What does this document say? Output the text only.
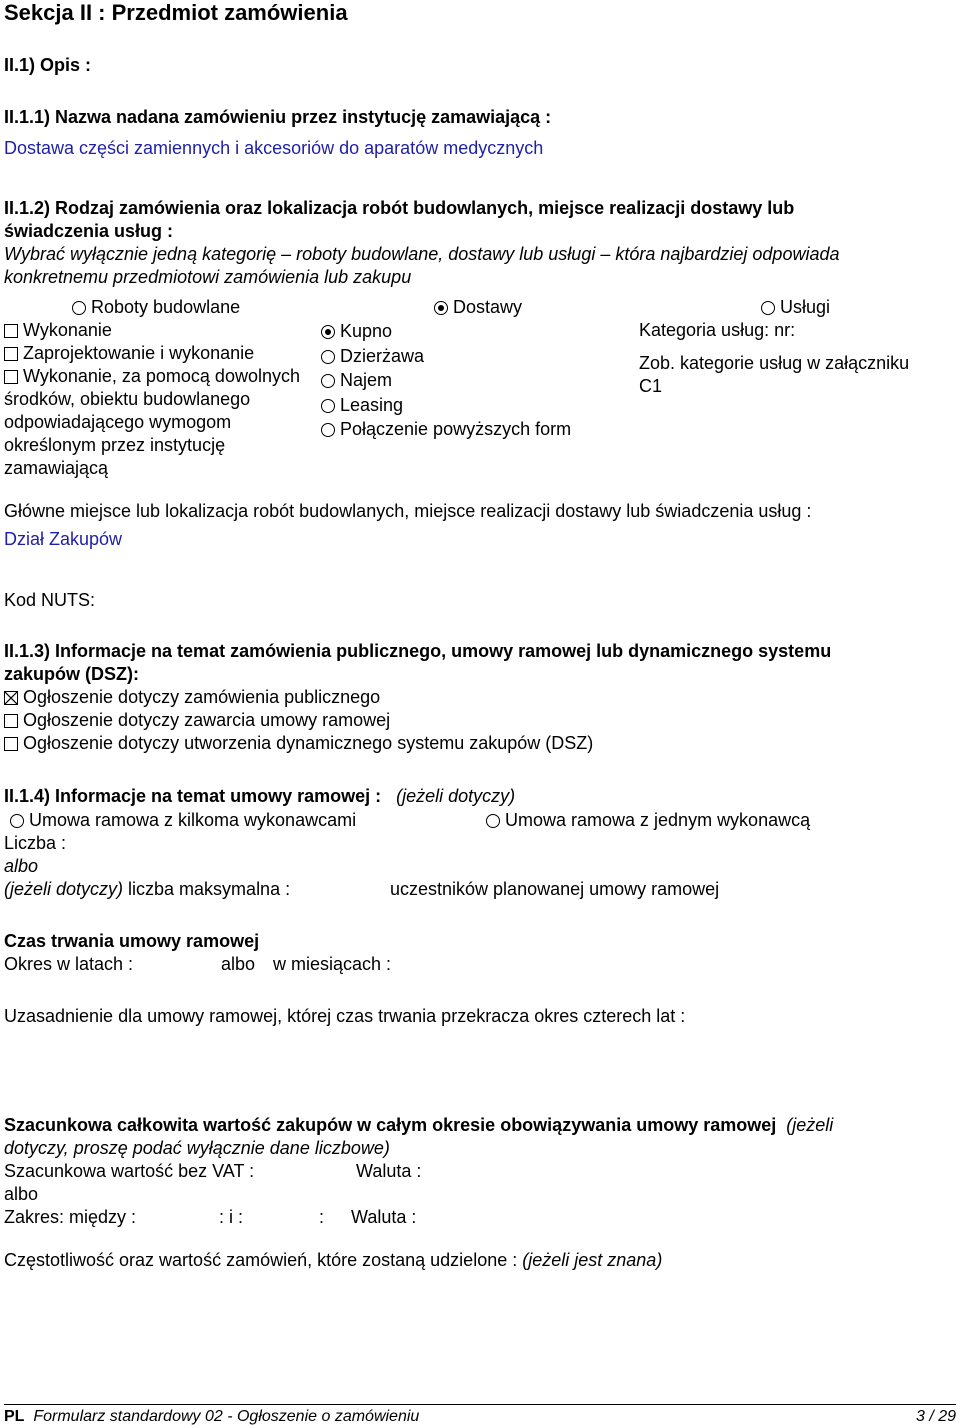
Sekcja II : Przedmiot zamówienia
II.1) Opis :
II.1.1) Nazwa nadana zamówieniu przez instytucję zamawiającą :
Dostawa części zamiennych i akcesoriów do aparatów medycznych
II.1.2) Rodzaj zamówienia oraz lokalizacja robót budowlanych, miejsce realizacji dostawy lub
świadczenia usług :
Wybrać wyłącznie jedną kategorię – roboty budowlane, dostawy lub usługi – która najbardziej odpowiada
konkretnemu przedmiotowi zamówienia lub zakupu
Roboty budowlane	Dostawy	Usługi
Wykonanie
Zaprojektowanie i wykonanie
Wykonanie, za pomocą dowolnych
środków, obiektu budowlanego
odpowiadającego wymogom
określonym przez instytucję
zamawiającą
Kupno
Dzierżawa
Najem
Leasing
Połączenie powyższych form
Kategoria usług: nr:
Zob. kategorie usług w załączniku
C1
Główne miejsce lub lokalizacja robót budowlanych, miejsce realizacji dostawy lub świadczenia usług :
Dział Zakupów
Kod NUTS:
II.1.3) Informacje na temat zamówienia publicznego, umowy ramowej lub dynamicznego systemu
zakupów (DSZ):
Ogłoszenie dotyczy zamówienia publicznego
Ogłoszenie dotyczy zawarcia umowy ramowej
Ogłoszenie dotyczy utworzenia dynamicznego systemu zakupów (DSZ)
II.1.4) Informacje na temat umowy ramowej : (jeżeli dotyczy)
Umowa ramowa z kilkoma wykonawcami	Umowa ramowa z jednym wykonawcą
Liczba :
albo
(jeżeli dotyczy) liczba maksymalna :	uczestników planowanej umowy ramowej
Czas trwania umowy ramowej
Okres w latach :	albo w miesiącach :
Uzasadnienie dla umowy ramowej, której czas trwania przekracza okres czterech lat :
Szacunkowa całkowita wartość zakupów w całym okresie obowiązywania umowy ramowej (jeżeli
dotyczy, proszę podać wyłącznie dane liczbowe)
Szacunkowa wartość bez VAT :	Waluta :
albo
Zakres: między :	: i :	: Waluta :
Częstotliwość oraz wartość zamówień, które zostaną udzielone : (jeżeli jest znana)
PL Formularz standardowy 02 - Ogłoszenie o zamówieniu	3 / 29
